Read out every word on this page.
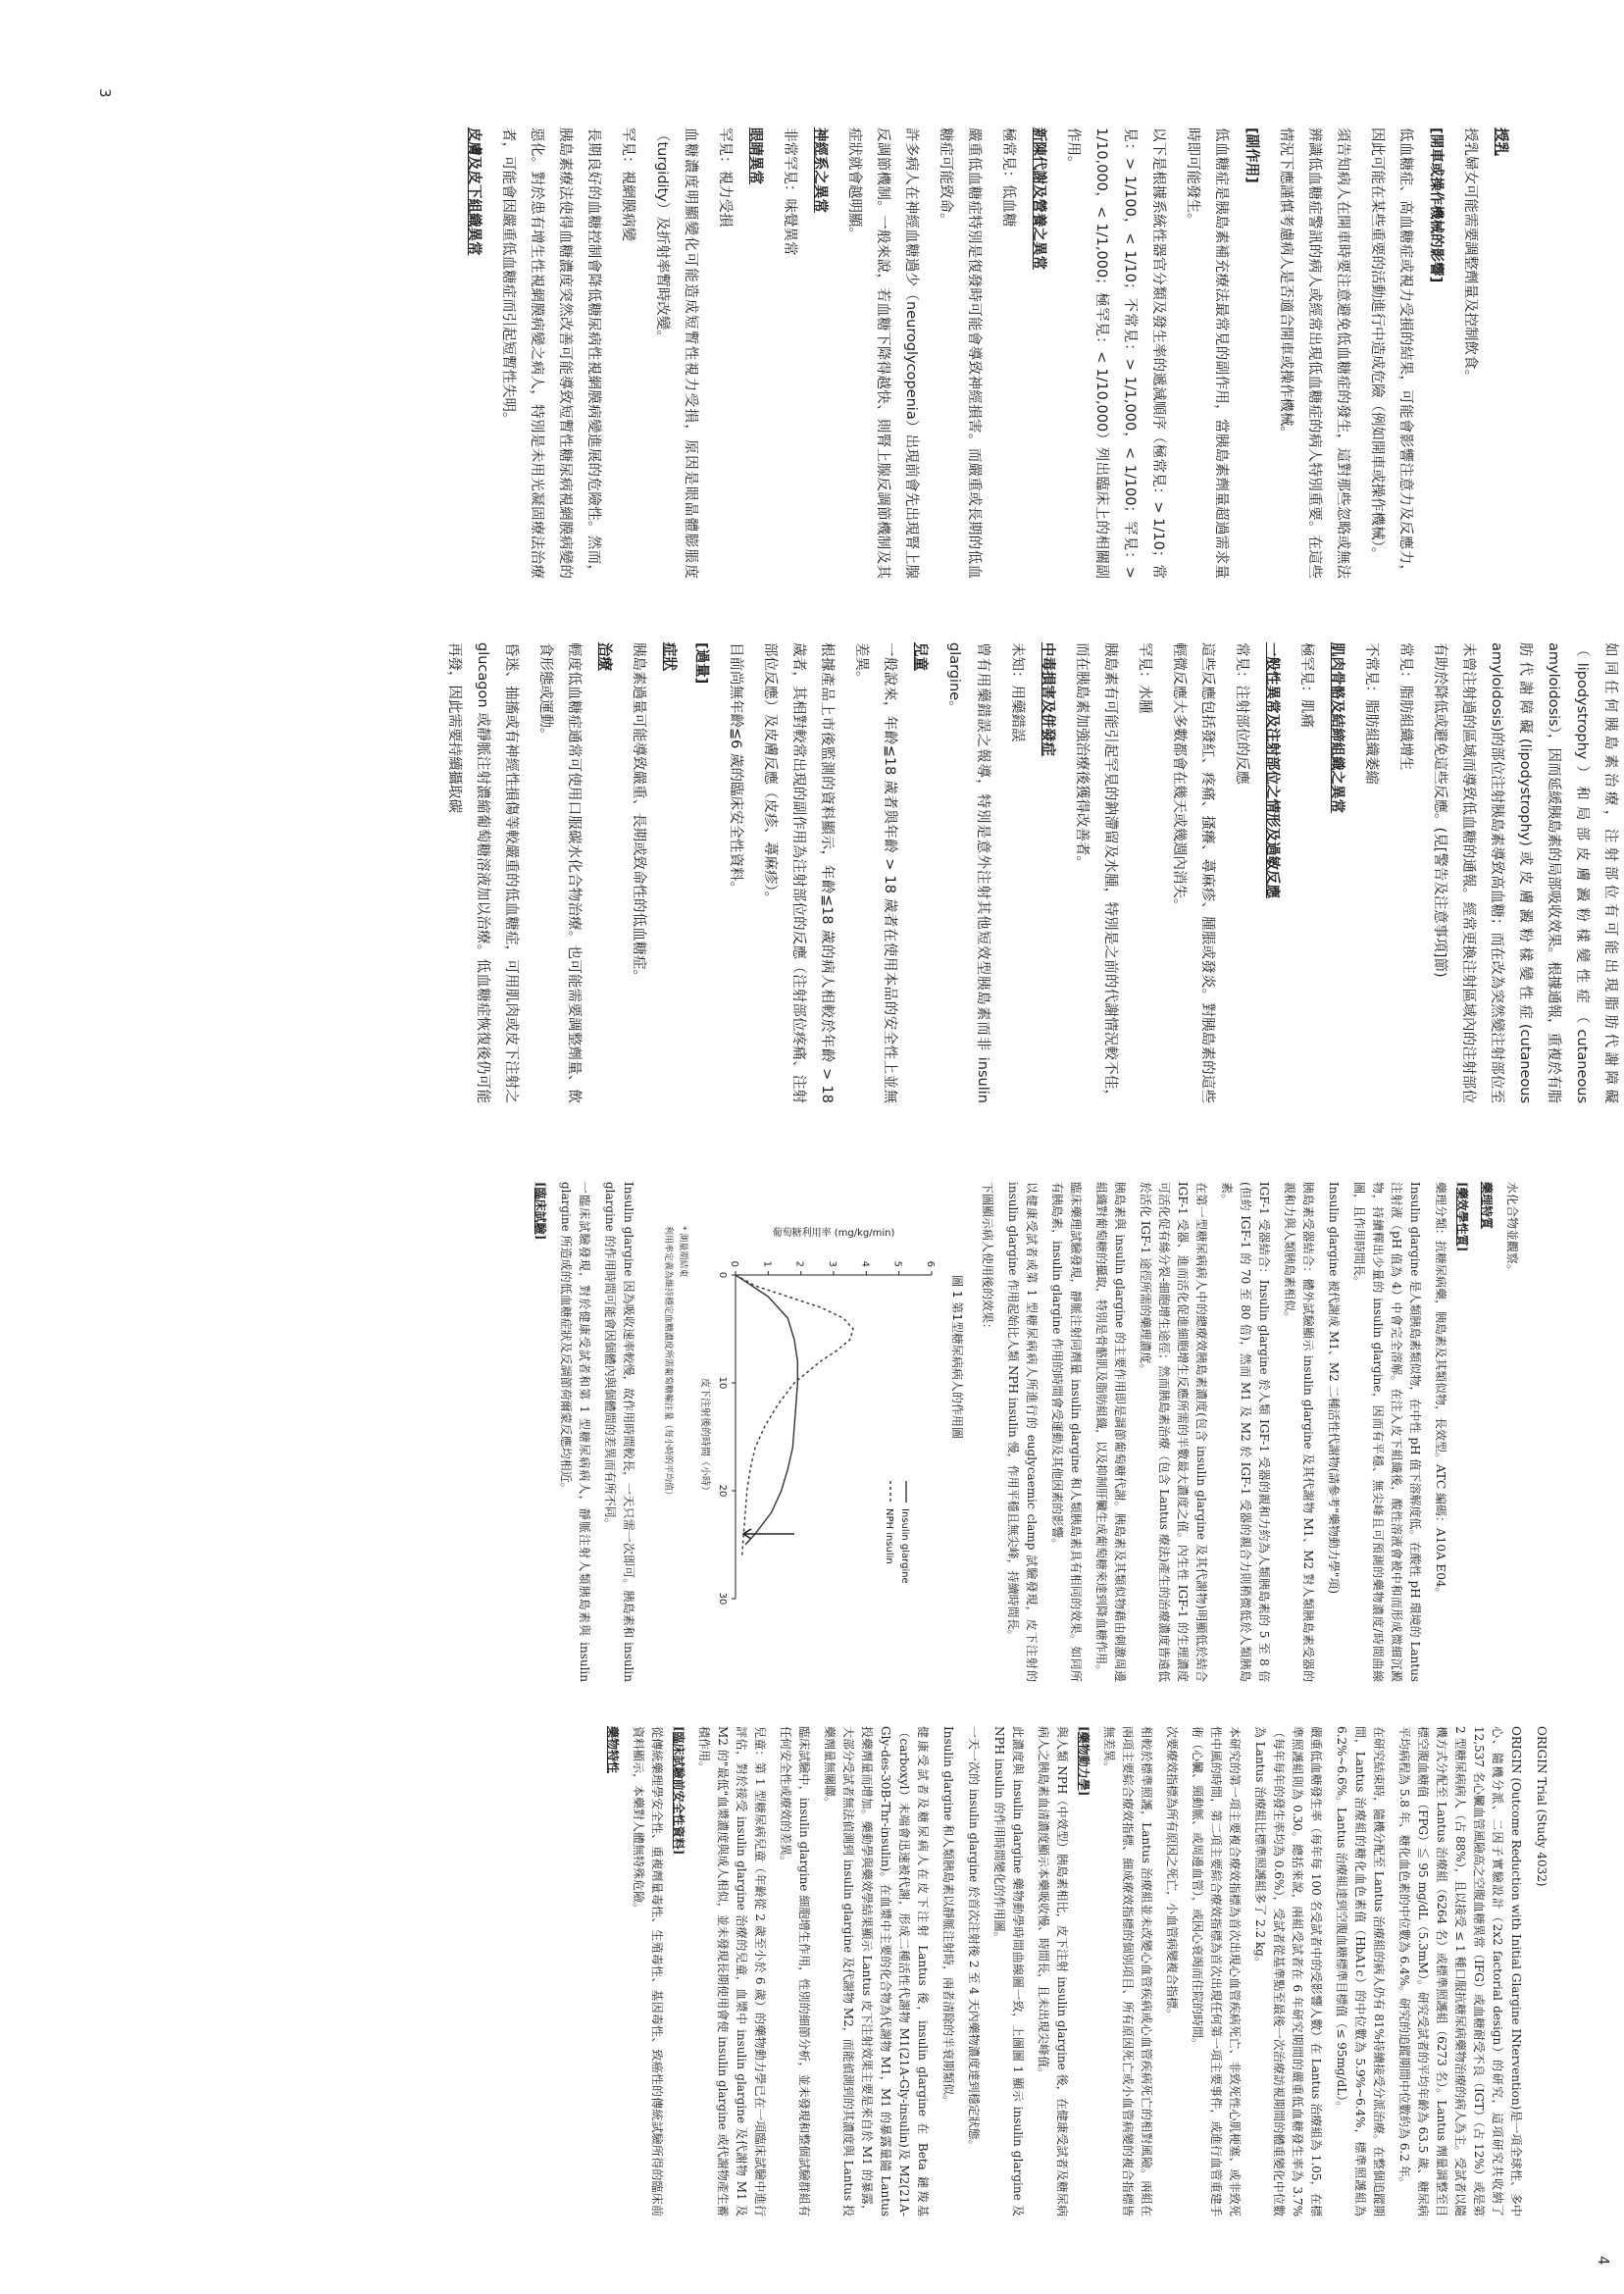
授乳

授乳婦女可能需要調整劑量及控制飲食。

[開車或操作機械的影響]

低血糖症、高血糖症或視力受損的結果，可能會影響注意力及反應力，因此可能在某些重要的活動進行中造成危險（例如開車或操作機械）。

須告知病人在開車時要注意避免低血糖症的發生，這對那些忽略或無法辨識低血糖症警訊的病人或經常出現低血糖症的病人特別重要。在這些情況下應謹慎考慮病人是否適合開車或操作機械。

[副作用]

低血糖症是胰島素補充療法最常見的副作用，當胰島素劑量超過需求量時即可能發生。

以下是根據系統性器官分類及發生率的遞減順序（極常見：> 1/10；常見：> 1/100，< 1/10；不常見：> 1/1,000，< 1/100；罕見：> 1/10,000，< 1/1,000；極罕見：< 1/10,000）列出臨床上的相關副作用。

新陳代謝及營養之異常

極常見：低血糖

嚴重低血糖症特別是復發時可能會導致神經損害。而嚴重或長期的低血糖症可能致命。

許多病人在神經血糖過少（neuroglycopenia）出現前會先出現腎上腺反調節機制。一般來說，若血糖下降得越快、則腎上腺反調節機制及其症狀就會越明顯。

神經系之異常

非常罕見：味覺異常

眼睛異常

罕見：視力受損

血糖濃度明顯變化可能造成短暫性視力受損，原因是眼晶體膨脹度（turgidity）及折射率暫時改變。

罕見：視網膜病變

長期良好的血糖控制會降低糖尿病性視網膜病變進展的危險性。然而，胰島素療法使得血糖濃度突然改善可能導致短暫性糖尿病視網膜病變的惡化。對於患有增生性視網膜病變之病人，特別是未用光凝固療法治療者，可能會因嚴重低血糖症而引起短暫性失明。

皮膚及皮下組織異常

如同任何胰島素治療，注射部位有可能出現脂肪代謝障礙（lipodystrophy）和局部皮膚澱粉樣變性症（cutaneous amyloidosis），因而延緩胰島素的局部吸收效果。根據通報，重複於有脂肪代謝障礙(lipodystrophy)或皮膚澱粉樣變性症(cutaneous amyloidosis)的部位注射胰島素導致高血糖；而在改為突然變注射部位至未曾注射過的區域而導致低血糖的通報。經常更換注射區域內的注射部位有助於降低或避免這些反應。(見[警告及注意事項]節)

常見：脂肪組織增生

不常見：脂肪組織萎縮

肌肉骨骼及結締組織之異常

極罕見：肌痛

一般性異常及注射部位之情形及過敏反應

常見：注射部位的反應

這些反應包括發紅、疼痛、搔癢、蕁麻疹、腫脹或發炎。對胰島素的這些輕微反應大多數都會在幾天或幾週內消失。

罕見：水腫

胰島素有可能引起罕見的鈉滯留及水腫，特別是之前的代謝情況較不佳，而在胰島素加強治療後獲得改善者。

中毒損害及併發症

未知：用藥錯誤

曾有用藥錯誤之報導，特別是意外注射其他短效型胰島素而非 insulin glargine。

兒童

一般說來，年齡≦18 歲者與年齡 > 18 歲者在使用本品的安全性上並無差異。

根據產品上市後監測的資料顯示，年齡≦18 歲的病人相較於年齡 > 18 歲者，其相對較常出現的副作用為注射部位的反應（注射部位疼痛、注射部位反應）及皮膚反應（皮疹、蕁麻疹）。

目前尚無年齡≦6 歲的臨床安全性資料。

[過量]

症狀

胰島素過量可能導致嚴重、長期或致命性的低血糖症。

治療

輕度低血糖症通常可使用口服碳水化合物治療。也可能需要調整劑量、飲食形態或運動。

昏迷、抽搐或有神經性損傷等較嚴重的低血糖症，可用肌肉或皮下注射之 glucagon 或靜脈注射濃縮葡萄糖溶液加以治療。低血糖症恢復後仍可能再發，因此需要持續攝取碳

水化合物並觀察。

藥理特質

[藥效學性質]

藥理分類：抗糖尿病藥，胰島素及其類似物，長效型。ATC 編碼：A10A E04。

Insulin glargine 是人類胰島素類似物，在中性 pH 值下溶解度低。在酸性 pH 環境的 Lantus 注射液（pH 值為 4）中會完全溶解。在注入皮下組織後，酸性溶液會被中和而形成微細沉澱物，持續釋出少量的 insulin glargine，因而有平穩、無尖峰且可預測的藥物濃度/時間曲線圖，且作用時間長。

Insulin glargine 被代謝成 M1、M2 二種活性代謝物(請參考"藥物動力學"項)

胰島素受器結合：體外試驗顯示 insulin glargine 及其代謝物 M1、M2 對人類胰島素受器的親和力與人類胰島素相似。

IGF-1 受器結合：Insulin glargine 於人類 IGF-1 受器的親和力約為人類胰島素的 5 至 8 倍(但約 IGF-1 的 70 至 80 倍)，然而 M1 及 M2 於 IGF-1 受器的親合力則稍微低於人類胰島素。

在第一型糖尿病病人中的總療效胰島素濃度(包含 insulin glargine 及其代謝物)明顯低於結合 IGF-1 受器、進而活化促進細胞增生反應所需的半數最大濃度之值。內生性 IGF-1 的生理濃度可活化促有絲分裂-細胞增生途徑；然而胰島素治療（包含 Lantus 療法)產生的治療濃度皆遠低於活化 IGF-1 途徑所需的藥理濃度。

胰島素與 insulin glargine 的主要作用即是調節葡萄糖代謝。胰島素及其類似物藉由刺激周邊組織對葡萄糖的攝取，特別是骨骼肌及脂肪組織，以及抑制肝臟生成葡萄糖來達到降血糖作用。

臨床藥理試驗發現，靜脈注射同劑量 insulin glargine 和人類胰島素具有相同的效果。如同所有胰島素，insulin glargine 作用的時間會受運動及其他因素的影響。

以健康受試者或第 1 型糖尿病病人所進行的 euglycaemic clamp 試驗發現，皮下注射的 insulin glargine 作用起始比人類 NPH insulin 慢，作用平穩且無尖峰，持續時間長。

下圖顯示病人使用後的效果：

圖 1 第1型糖尿病病人的作用圖
0 1 2 3 4 5 6
0
10
20
30
葡萄糖利用率 (mg/kg/min)
皮下注射後的時間（小時）
Insulin glargine
NPH insulin
* 測量期結束
利用率定義為維持穩定血糖濃度所需葡萄糖輸注量（每小時的平均值）

Insulin glargine 因為吸收速率較慢，故作用時間較長，一天只需一次即可。胰島素和 insulin glargine 的作用時間可能會因個體內與個體間的差異而有所不同。

一臨床試驗發現，對於健康受試者和第 1 型糖尿病病人，靜脈注射人類胰島素與 insulin glargine 所造成的低血糖症狀及反調節荷爾蒙反應均相近。

[臨床試驗]

ORIGIN Trial (Study 4032)

ORIGIN (Outcome Reduction with Initial Glargine INtervention)是一項全球性、多中心、隨機分派、二因子實驗設計（2x2 factorial design）的研究，這項研究共收納了 12,537 名心臟血管風險高之空腹血糖異常（IFG）或血糖耐受不良（IGT）（占 12%）或是第 2 型糖尿病病人（占 88%），且以接受 ≤ 1 種口服抗糖尿病藥物治療的病人為主。受試者以隨機方式分配至 Lantus 治療組（6264 名）或標準照護組（6273 名）。Lantus 劑量調整至目標空腹血糖值（FPG）≦ 95 mg/dL（5.3mM）。研究受試者的平均年齡為 63.5 歲、糖尿病平均病程為 5.8 年、糖化血色素的中位數為 6.4%。研究的追蹤期間中位數約為 6.2 年。

在研究結束時，隨機分配至 Lantus 治療組的病人仍有 81%持續接受分派治療。在整個追蹤期間，Lantus 治療組的糖化血色素值（HbA1c）的中位數為 5.9%~6.4%，標準照護組為 6.2%~6.6%。Lantus 治療組達到空腹血糖標準目標值（≤ 95mg/dL）。

嚴重低血糖發生率（每年每 100 名受試者中的受影響人數）在 Lantus 治療組為 1.05，在標準照護組則為 0.30。總括來說，兩組受試者在 6 年研究期間的嚴重低血糖發生率為 3.7%（每年每年的發生率均為 0.6%），受試者從基準點至最後一次治療訪視期間的體重變化中位數為 Lantus 治療組比標準照護組多了 2.2 kg。

本研究的第一項主要複合療效指標為首次出現心血管疾病死亡、非致死性心肌梗塞、或非致死性中風的時間，第二項主要綜合療效指標為首次出現任何第一項主要事件，或進行血管重建手術（心臟、頸動脈、或周邊血管），或因心衰竭而住院的時間。

次要療效指標為所有原因之死亡，小血管病變複合指標。

相較於標準照護，Lantus 治療組並未改變心血管疾病或心血管疾病死亡的相對風險。兩組在兩項主要綜合療效指標、細成療效指標的個別項目、所有原因死亡或小血管病變的複合指標皆無差異。

[藥物動力學]

與人類 NPH（中效型）胰島素相比，皮下注射 insulin glargine 後，在健康受試者及糖尿病病人之胰島素血清濃度顯示本藥吸收慢、時間長，且未出現尖峰值。

此濃度與 insulin glargine 藥物動學時間曲線圖一致，上圖圖 1 顯示 insulin glargine 及 NPH insulin 的作用時間變化的作用圖。

一天一次的 insulin glargine 於首次注射後 2 至 4 天內藥物濃度達到穩定狀態。

Insulin glargine 和人類胰島素以靜脈注射時，兩者清除的半衰期類似。

健康受試者及糖尿病人在皮下注射 Lantus 後，insulin glargine 在 Beta 鏈羧基（carboxyl）末端會迅速被代謝，形成二種活性代謝物 M1(21A-Gly-insulin)及 M2(21A-Gly-des-30B-Thr-insulin)。在血漿中主要的化合物為代謝物 M1，M1 的暴露量隨 Lantus 投藥劑量而增加。藥動學與藥效學結果顯示 Lantus 皮下注射效果主要是來自於 M1 的暴露，大部分受試者無法偵測到 insulin glargine 及代謝物 M2，而能偵測到的其濃度與 Lantus 投藥劑量無關聯。

臨床試驗中，insulin glargine 細胞增生作用，性別的細節分析，並未發現和整個試驗群組有任何安全性或療效的差異。

兒童：第 1 型糖尿病兒童（年齡從 2 歲至小於 6 歲）的藥物動力學已在一項臨床試驗中進行評估，對於接受 insulin glargine 治療的兒童，血漿中 insulin glargine 及代謝物 M1 及 M2 的"最低"血漿濃度與成人相似，並未發現長期使用會使 insulin glargine 或代謝物產生蓄積作用。

[臨床試驗前安全性資料]

從傳統藥理學安全性、重複劑量毒性、生殖毒性、基因毒性、致癌性的傳統試驗所得的臨床前資料顯示，本藥對人體無特殊危險。

藥物特性

3
4
